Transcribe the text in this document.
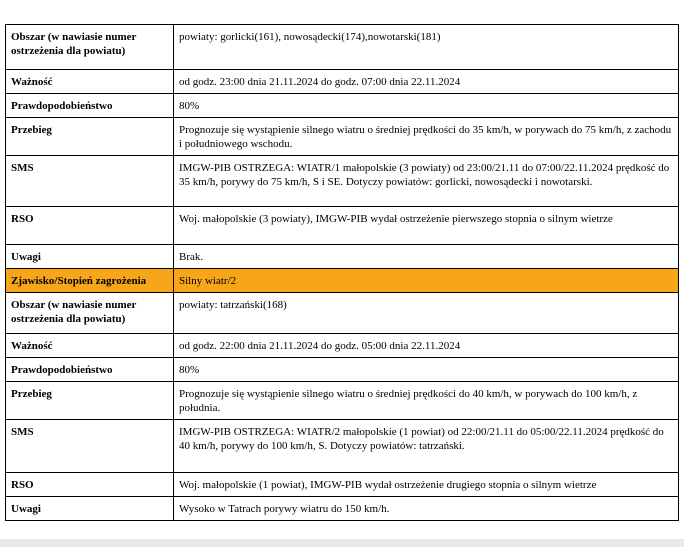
Obszar (w nawiasie numer ostrzeżenia dla powiatu)	powiaty: gorlicki(161), nowosądecki(174),nowotarski(181)
Ważność	od godz. 23:00 dnia 21.11.2024 do godz. 07:00 dnia 22.11.2024
Prawdopodobieństwo	80%
Przebieg	Prognozuje się wystąpienie silnego wiatru o średniej prędkości do 35 km/h, w porywach do 75 km/h, z zachodu i południowego wschodu.
SMS	IMGW-PIB OSTRZEGA: WIATR/1 małopolskie (3 powiaty) od 23:00/21.11 do 07:00/22.11.2024 prędkość do 35 km/h, porywy do 75 km/h, S i SE. Dotyczy powiatów: gorlicki, nowosądecki i nowotarski.
RSO	Woj. małopolskie (3 powiaty), IMGW-PIB wydał ostrzeżenie pierwszego stopnia o silnym wietrze
Uwagi	Brak.
Zjawisko/Stopień zagrożenia	Silny wiatr/2
Obszar (w nawiasie numer ostrzeżenia dla powiatu)	powiaty: tatrzański(168)
Ważność	od godz. 22:00 dnia 21.11.2024 do godz. 05:00 dnia 22.11.2024
Prawdopodobieństwo	80%
Przebieg	Prognozuje się wystąpienie silnego wiatru o średniej prędkości do 40 km/h, w porywach do 100 km/h, z południa.
SMS	IMGW-PIB OSTRZEGA: WIATR/2 małopolskie (1 powiat) od 22:00/21.11 do 05:00/22.11.2024 prędkość do 40 km/h, porywy do 100 km/h, S. Dotyczy powiatów: tatrzański.
RSO	Woj. małopolskie (1 powiat), IMGW-PIB wydał ostrzeżenie drugiego stopnia o silnym wietrze
Uwagi	Wysoko w Tatrach porywy wiatru do 150 km/h.
